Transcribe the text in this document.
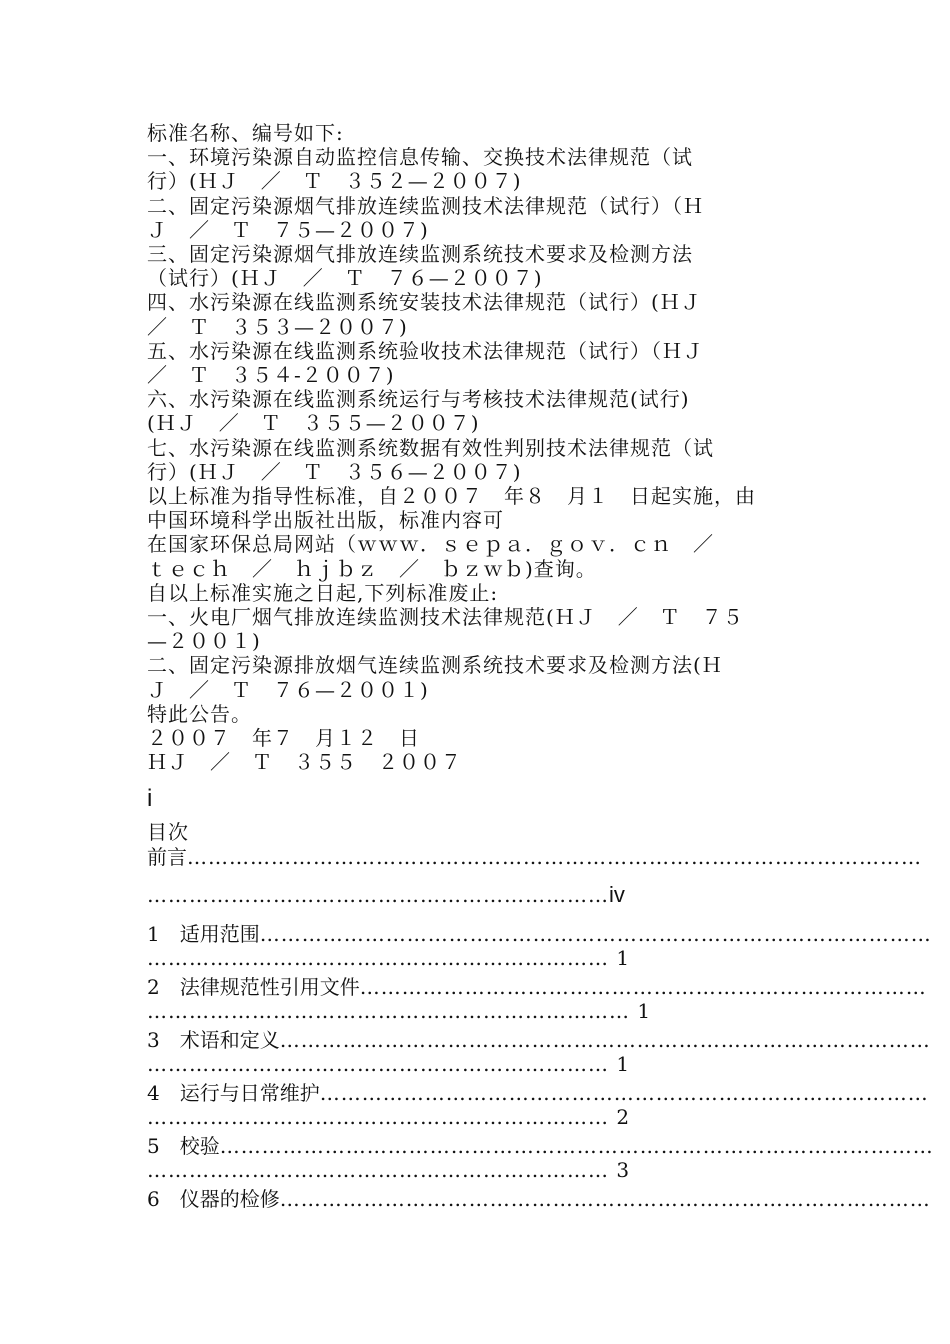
标准名称、编号如下:
一、环境污染源自动监控信息传输、交换技术法律规范（试
行）(ＨＪ　／　Ｔ　３５２—２００７)
二、固定污染源烟气排放连续监测技术法律规范（试行）（Ｈ
Ｊ　／　Ｔ　７５—２００７)
三、固定污染源烟气排放连续监测系统技术要求及检测方法
（试行）(ＨＪ　／　Ｔ　７６—２００７)
四、水污染源在线监测系统安装技术法律规范（试行）(ＨＪ
／　Ｔ　３５３—２００７)
五、水污染源在线监测系统验收技术法律规范（试行）（ＨＪ
／　Ｔ　３５４-２００７)
六、水污染源在线监测系统运行与考核技术法律规范(试行)
(ＨＪ　／　Ｔ　３５５—２００７)
七、水污染源在线监测系统数据有效性判别技术法律规范（试
行）(ＨＪ　／　Ｔ　３５６—２００７)
以上标准为指导性标准，自２００７　年８　月１　日起实施，由
中国环境科学出版社出版，标准内容可
在国家环保总局网站（ｗｗｗ．ｓｅｐａ．ｇｏｖ．ｃｎ　／
ｔｅｃｈ　／　ｈｊｂｚ　／　ｂｚｗｂ)查询。
自以上标准实施之日起,下列标准废止:
一、火电厂烟气排放连续监测技术法律规范(ＨＪ　／　Ｔ　７５
—２００１)
二、固定污染源排放烟气连续监测系统技术要求及检测方法(Ｈ
Ｊ　／　Ｔ　７６—２００１)
特此公告。
２００７　年７　月１２　日
ＨＪ　／　Ｔ　３５５　２００７
i
目次
前言……………………………………………………………………………………………
…………………………………………………………iv
1　适用范围……………………………………………………………………………………
………………………………………………………… 1
2　法律规范性引用文件………………………………………………………………………
…………………………………………………………… 1
3　术语和定义…………………………………………………………………………………
………………………………………………………… 1
4　运行与日常维护……………………………………………………………………………
………………………………………………………… 2
5　校验…………………………………………………………………………………………
………………………………………………………… 3
6　仪器的检修…………………………………………………………………………………
